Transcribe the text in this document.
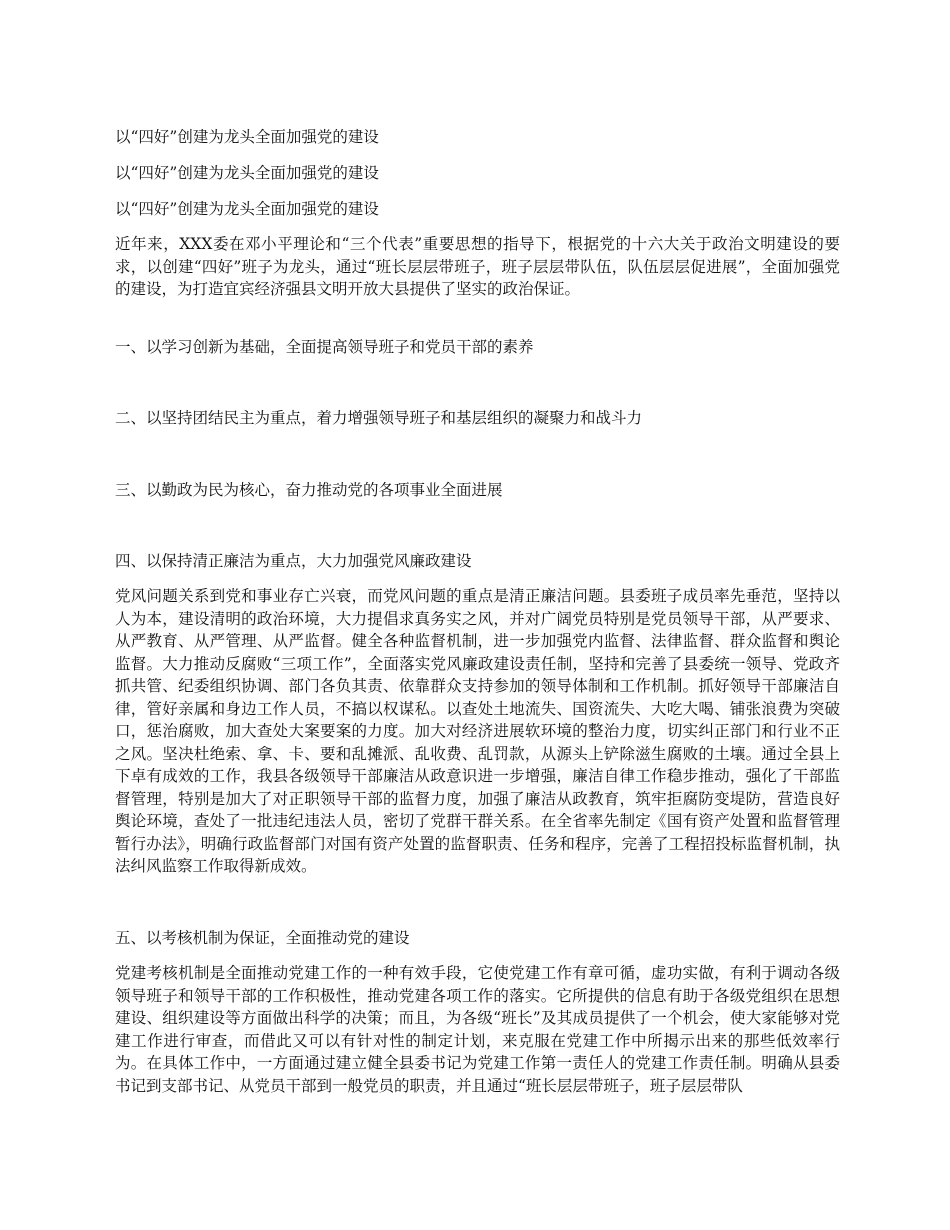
以“四好”创建为龙头全面加强党的建设

以“四好”创建为龙头全面加强党的建设

以“四好”创建为龙头全面加强党的建设

近年来，XXX委在邓小平理论和“三个代表”重要思想的指导下，根据党的十六大关于政治文明建设的要求，以创建“四好”班子为龙头，通过“班长层层带班子，班子层层带队伍，队伍层层促进展”，全面加强党的建设，为打造宜宾经济强县文明开放大县提供了坚实的政治保证。

一、以学习创新为基础，全面提高领导班子和党员干部的素养

二、以坚持团结民主为重点，着力增强领导班子和基层组织的凝聚力和战斗力

三、以勤政为民为核心，奋力推动党的各项事业全面进展

四、以保持清正廉洁为重点，大力加强党风廉政建设

党风问题关系到党和事业存亡兴衰，而党风问题的重点是清正廉洁问题。县委班子成员率先垂范，坚持以人为本，建设清明的政治环境，大力提倡求真务实之风，并对广阔党员特别是党员领导干部，从严要求、从严教育、从严管理、从严监督。健全各种监督机制，进一步加强党内监督、法律监督、群众监督和舆论监督。大力推动反腐败“三项工作”，全面落实党风廉政建设责任制，坚持和完善了县委统一领导、党政齐抓共管、纪委组织协调、部门各负其责、依靠群众支持参加的领导体制和工作机制。抓好领导干部廉洁自律，管好亲属和身边工作人员，不搞以权谋私。以查处土地流失、国资流失、大吃大喝、铺张浪费为突破口，惩治腐败，加大查处大案要案的力度。加大对经济进展软环境的整治力度，切实纠正部门和行业不正之风。坚决杜绝索、拿、卡、要和乱摊派、乱收费、乱罚款，从源头上铲除滋生腐败的土壤。通过全县上下卓有成效的工作，我县各级领导干部廉洁从政意识进一步增强，廉洁自律工作稳步推动，强化了干部监督管理，特别是加大了对正职领导干部的监督力度，加强了廉洁从政教育，筑牢拒腐防变堤防，营造良好舆论环境，查处了一批违纪违法人员，密切了党群干群关系。在全省率先制定《国有资产处置和监督管理暂行办法》，明确行政监督部门对国有资产处置的监督职责、任务和程序，完善了工程招投标监督机制，执法纠风监察工作取得新成效。

五、以考核机制为保证，全面推动党的建设

党建考核机制是全面推动党建工作的一种有效手段，它使党建工作有章可循，虚功实做，有利于调动各级领导班子和领导干部的工作积极性，推动党建各项工作的落实。它所提供的信息有助于各级党组织在思想建设、组织建设等方面做出科学的决策；而且，为各级“班长”及其成员提供了一个机会，使大家能够对党建工作进行审查，而借此又可以有针对性的制定计划，来克服在党建工作中所揭示出来的那些低效率行为。在具体工作中，一方面通过建立健全县委书记为党建工作第一责任人的党建工作责任制。明确从县委书记到支部书记、从党员干部到一般党员的职责，并且通过“班长层层带班子，班子层层带队
